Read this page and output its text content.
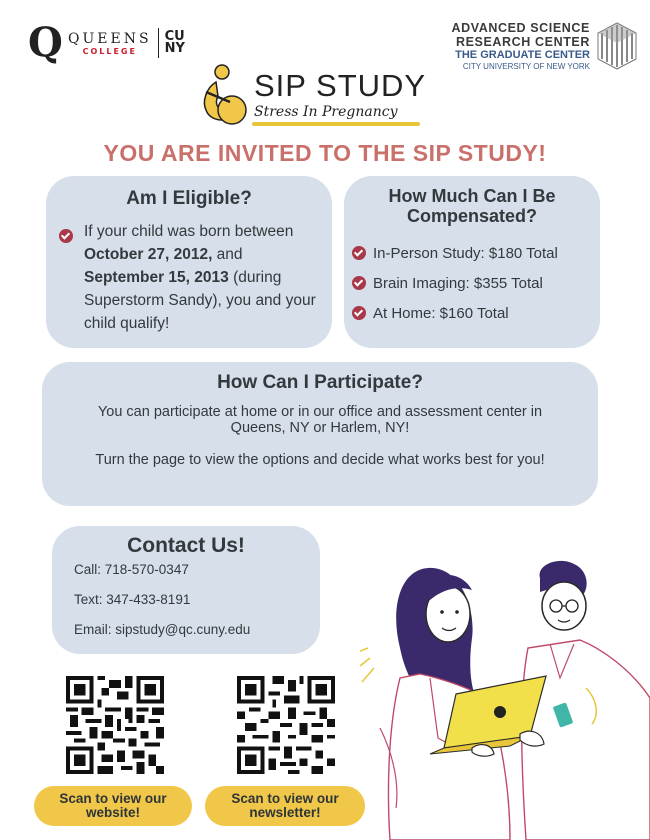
Q QUEENS
COLLEGE
CU
NY
ADVANCED SCIENCE
RESEARCH CENTER
THE GRADUATE CENTER
CITY UNIVERSITY OF NEW YORK
SIP STUDY
Stress In Pregnancy
YOU ARE INVITED TO THE SIP STUDY!
Am I Eligible?
If your child was born between October 27, 2012, and September 15, 2013 (during Superstorm Sandy), you and your child qualify!
How Much Can I Be
Compensated?
In-Person Study: $180 Total
Brain Imaging: $355 Total
At Home: $160 Total
How Can I Participate?
You can participate at home or in our office and assessment center in Queens, NY or Harlem, NY!
Turn the page to view the options and decide what works best for you!
Contact Us!
Call: 718-570-0347
Text: 347-433-8191
Email: sipstudy@qc.cuny.edu
Scan to view our
website!
Scan to view our
newsletter!
